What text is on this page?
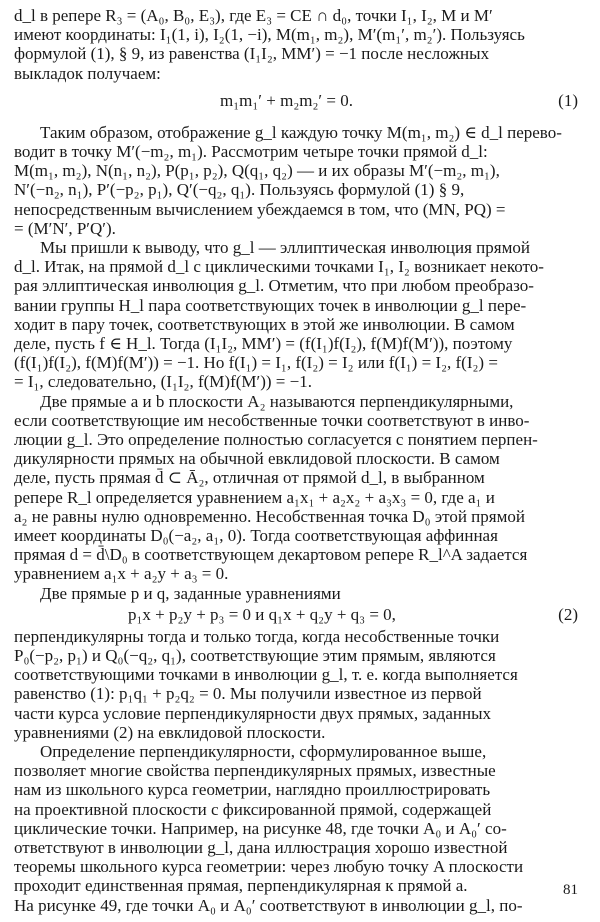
d_l в репере R₃ = (A₀, B₀, E₃), где E₃ = CE ∩ d₀, точки I₁, I₂, M и M′
имеют координаты: I₁(1, i), I₂(1, −i), M(m₁, m₂), M′(m₁′, m₂′). Пользуясь
формулой (1), § 9, из равенства (I₁I₂, MM′) = −1 после несложных
выкладок получаем:
m₁m₁′ + m₂m₂′ = 0.	(1)
Таким образом, отображение g_l каждую точку M(m₁, m₂) ∈ d_l перево-
водит в точку M′(−m₂, m₁). Рассмотрим четыре точки прямой d_l:
M(m₁, m₂), N(n₁, n₂), P(p₁, p₂), Q(q₁, q₂) — и их образы M′(−m₂, m₁),
N′(−n₂, n₁), P′(−p₂, p₁), Q′(−q₂, q₁). Пользуясь формулой (1) § 9,
непосредственным вычислением убеждаемся в том, что (MN, PQ) =
= (M′N′, P′Q′).
Мы пришли к выводу, что g_l — эллиптическая инволюция прямой
d_l. Итак, на прямой d_l с циклическими точками I₁, I₂ возникает некото-
рая эллиптическая инволюция g_l. Отметим, что при любом преобразо-
вании группы H_l пара соответствующих точек в инволюции g_l пере-
ходит в пару точек, соответствующих в этой же инволюции. В самом
деле, пусть f ∈ H_l. Тогда (I₁I₂, MM′) = (f(I₁)f(I₂), f(M)f(M′)), поэтому
(f(I₁)f(I₂), f(M)f(M′)) = −1. Но f(I₁) = I₁, f(I₂) = I₂ или f(I₁) = I₂, f(I₂) =
= I₁, следовательно, (I₁I₂, f(M)f(M′)) = −1.
Две прямые a и b плоскости A₂ называются перпендикулярными,
если соответствующие им несобственные точки соответствуют в инво-
люции g_l. Это определение полностью согласуется с понятием перпен-
дикулярности прямых на обычной евклидовой плоскости. В самом
деле, пусть прямая d̄ ⊂ Ā₂, отличная от прямой d_l, в выбранном
репере R_l определяется уравнением a₁x₁ + a₂x₂ + a₃x₃ = 0, где a₁ и
a₂ не равны нулю одновременно. Несобственная точка D₀ этой прямой
имеет координаты D₀(−a₂, a₁, 0). Тогда соответствующая аффинная
прямая d = d̄\D₀ в соответствующем декартовом репере R_l^A задается
уравнением a₁x + a₂y + a₃ = 0.
Две прямые p и q, заданные уравнениями
p₁x + p₂y + p₃ = 0 и q₁x + q₂y + q₃ = 0,	(2)
перпендикулярны тогда и только тогда, когда несобственные точки
P₀(−p₂, p₁) и Q₀(−q₂, q₁), соответствующие этим прямым, являются
соответствующими точками в инволюции g_l, т. е. когда выполняется
равенство (1): p₁q₁ + p₂q₂ = 0. Мы получили известное из первой
части курса условие перпендикулярности двух прямых, заданных
уравнениями (2) на евклидовой плоскости.
Определение перпендикулярности, сформулированное выше,
позволяет многие свойства перпендикулярных прямых, известные
нам из школьного курса геометрии, наглядно проиллюстрировать
на проективной плоскости с фиксированной прямой, содержащей
циклические точки. Например, на рисунке 48, где точки A₀ и A₀′ со-
ответствуют в инволюции g_l, дана иллюстрация хорошо известной
теоремы школьного курса геометрии: через любую точку A плоскости
проходит единственная прямая, перпендикулярная к прямой a.
На рисунке 49, где точки A₀ и A₀′ соответствуют в инволюции g_l, по-
81
